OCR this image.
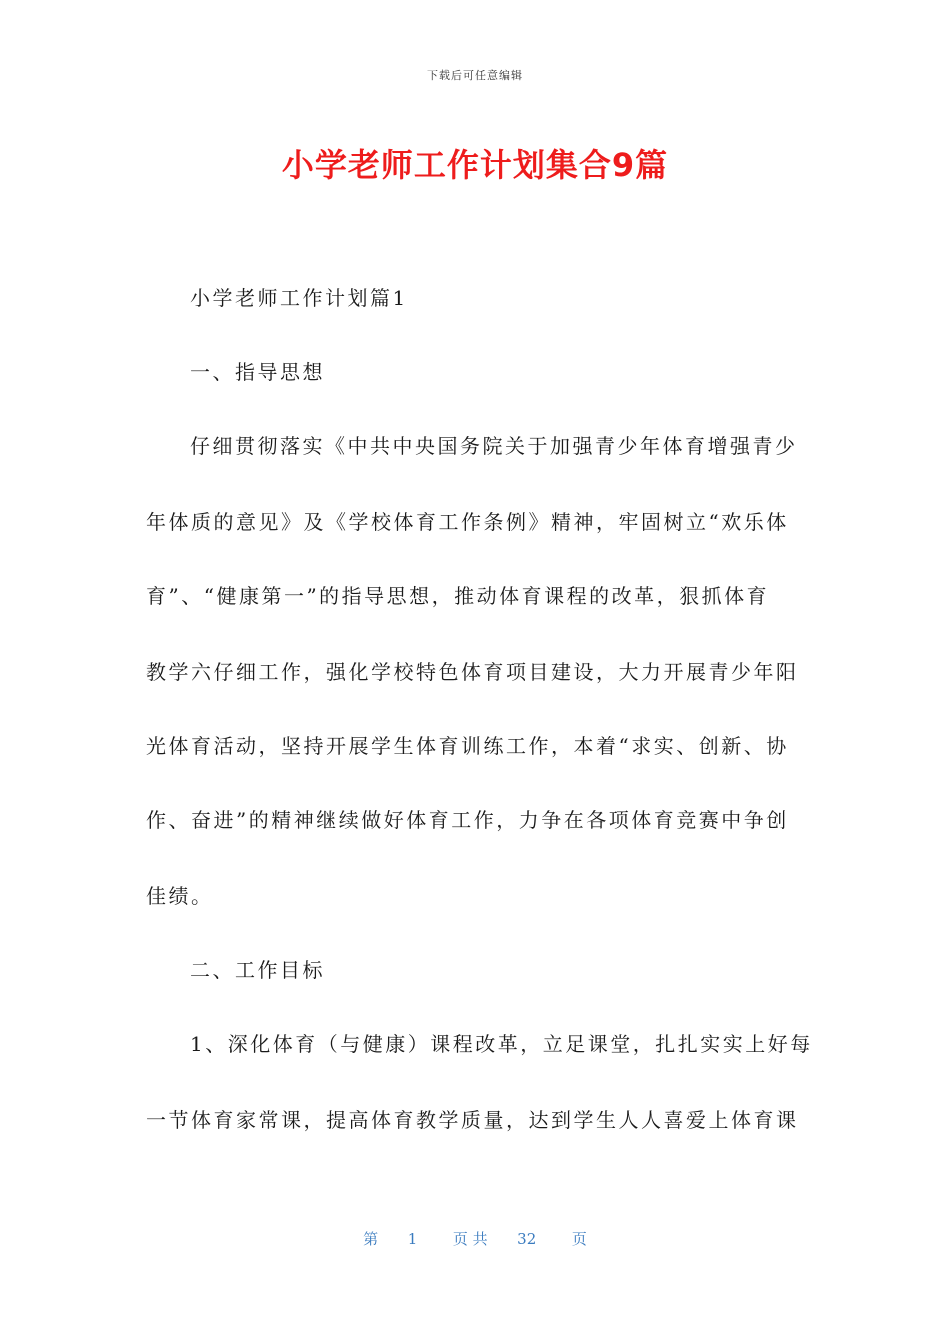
下载后可任意编辑
小学老师工作计划集合9篇
小学老师工作计划篇1
一、指导思想
仔细贯彻落实《中共中央国务院关于加强青少年体育增强青少
年体质的意见》及《学校体育工作条例》精神，牢固树立“欢乐体
育”、“健康第一”的指导思想，推动体育课程的改革，狠抓体育
教学六仔细工作，强化学校特色体育项目建设，大力开展青少年阳
光体育活动，坚持开展学生体育训练工作，本着“求实、创新、协
作、奋进”的精神继续做好体育工作，力争在各项体育竞赛中争创
佳绩。
二、工作目标
1、深化体育（与健康）课程改革，立足课堂，扎扎实实上好每
一节体育家常课，提高体育教学质量，达到学生人人喜爱上体育课
第 1 页 共 32 页
